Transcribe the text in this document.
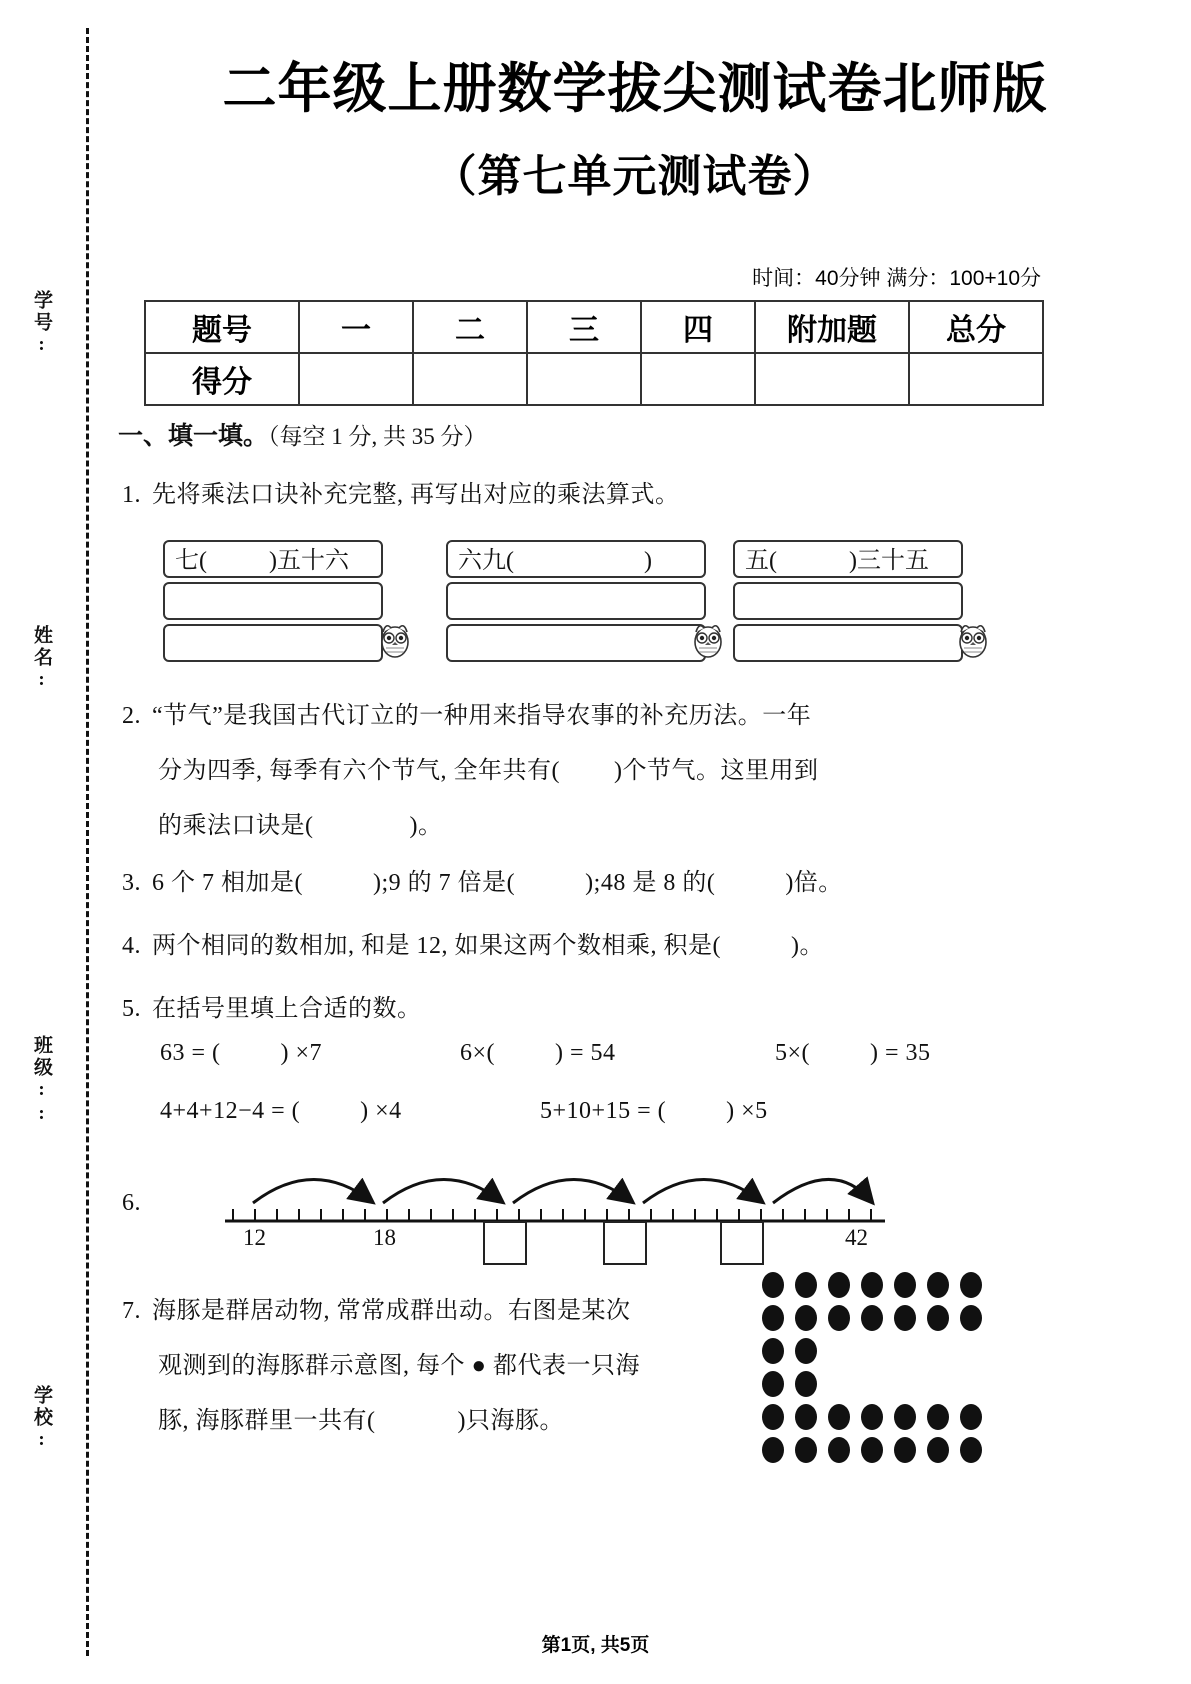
学号:
姓名:
班级::
学校:
二年级上册数学拔尖测试卷北师版
（第七单元测试卷）
时间：40分钟 满分：100+10分
题号	一	二	三	四	附加题	总分
得分						
一、填一填。（每空 1 分, 共 35 分）
1. 先将乘法口诀补充完整, 再写出对应的乘法算式。
七(	)五十六	六九(	)	五(	)三十五
2. “节气”是我国古代订立的一种用来指导农事的补充历法。一年
分为四季, 每季有六个节气, 全年共有( )个节气。这里用到
的乘法口诀是(	)。
3. 6 个 7 相加是(	);9 的 7 倍是(	);48 是 8 的(	)倍。
4. 两个相同的数相加, 和是 12, 如果这两个数相乘, 积是(	)。
5. 在括号里填上合适的数。
63 = (	) ×7	6×(	) = 54	5×(	) = 35
4+4+12−4 = (	) ×4	5+10+15 = (	) ×5
6.
12	18	42
7. 海豚是群居动物, 常常成群出动。右图是某次
观测到的海豚群示意图, 每个 ● 都代表一只海
豚, 海豚群里一共有(	)只海豚。
第1页, 共5页
